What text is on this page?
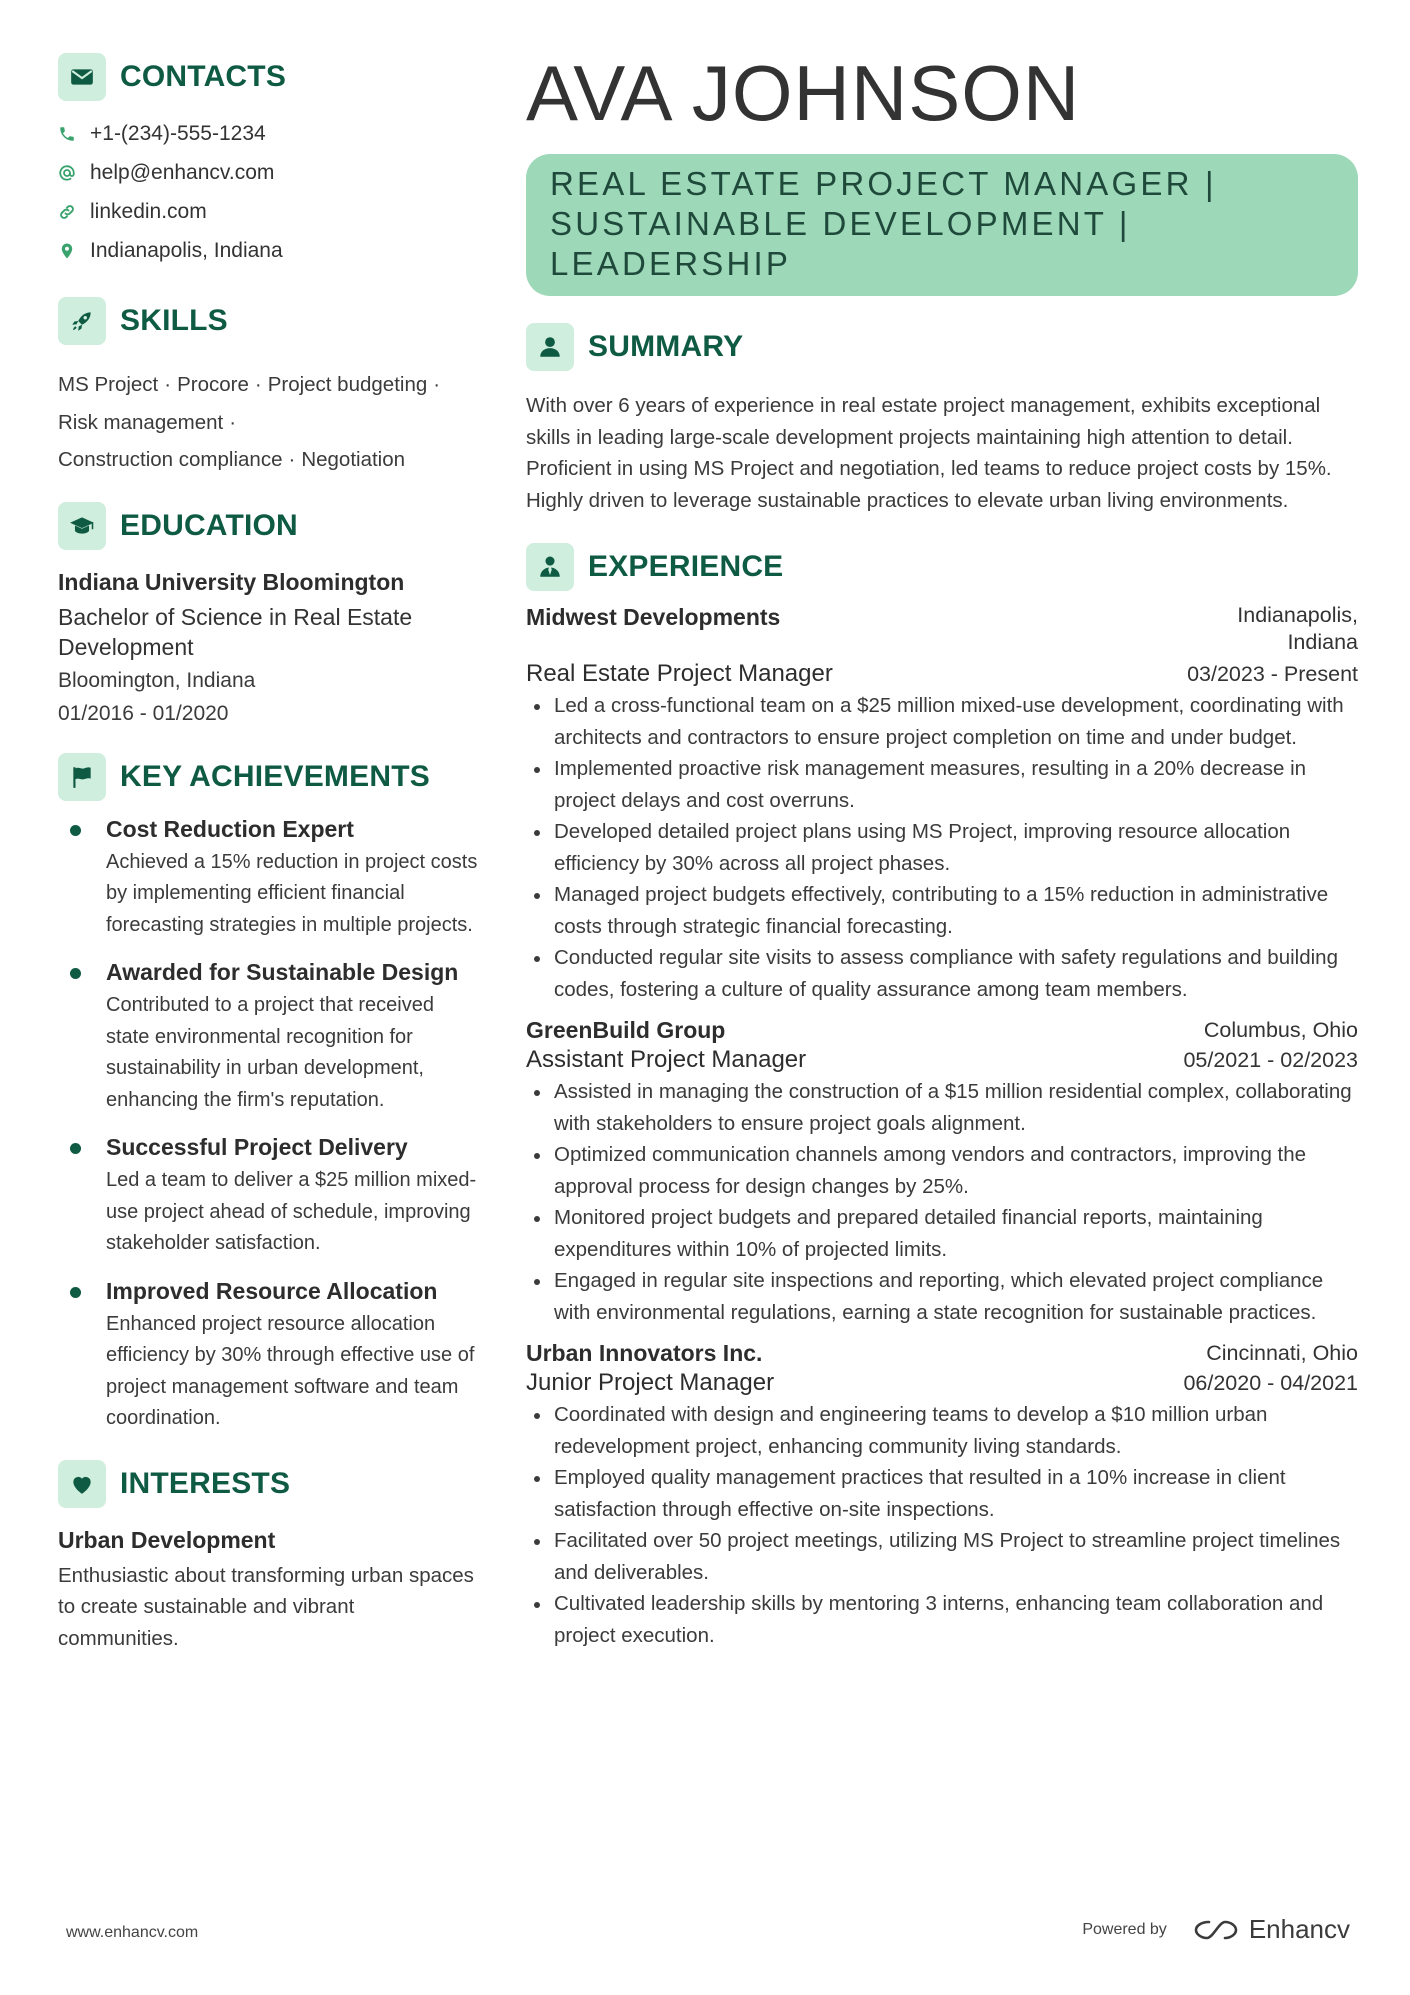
CONTACTS
+1-(234)-555-1234
help@enhancv.com
linkedin.com
Indianapolis, Indiana
SKILLS
MS Project · Procore · Project budgeting ·
Risk management ·
Construction compliance · Negotiation
EDUCATION
Indiana University Bloomington
Bachelor of Science in Real Estate Development
Bloomington, Indiana
01/2016 - 01/2020
KEY ACHIEVEMENTS
Cost Reduction Expert
Achieved a 15% reduction in project costs by implementing efficient financial forecasting strategies in multiple projects.
Awarded for Sustainable Design
Contributed to a project that received state environmental recognition for sustainability in urban development, enhancing the firm's reputation.
Successful Project Delivery
Led a team to deliver a $25 million mixed-use project ahead of schedule, improving stakeholder satisfaction.
Improved Resource Allocation
Enhanced project resource allocation efficiency by 30% through effective use of project management software and team coordination.
INTERESTS
Urban Development
Enthusiastic about transforming urban spaces to create sustainable and vibrant communities.
AVA JOHNSON
REAL ESTATE PROJECT MANAGER | SUSTAINABLE DEVELOPMENT | LEADERSHIP
SUMMARY
With over 6 years of experience in real estate project management, exhibits exceptional skills in leading large-scale development projects maintaining high attention to detail. Proficient in using MS Project and negotiation, led teams to reduce project costs by 15%. Highly driven to leverage sustainable practices to elevate urban living environments.
EXPERIENCE
Midwest Developments	Indianapolis,
Indiana
Real Estate Project Manager	03/2023 - Present
Led a cross-functional team on a $25 million mixed-use development, coordinating with architects and contractors to ensure project completion on time and under budget.
Implemented proactive risk management measures, resulting in a 20% decrease in project delays and cost overruns.
Developed detailed project plans using MS Project, improving resource allocation efficiency by 30% across all project phases.
Managed project budgets effectively, contributing to a 15% reduction in administrative costs through strategic financial forecasting.
Conducted regular site visits to assess compliance with safety regulations and building codes, fostering a culture of quality assurance among team members.
GreenBuild Group	Columbus, Ohio
Assistant Project Manager	05/2021 - 02/2023
Assisted in managing the construction of a $15 million residential complex, collaborating with stakeholders to ensure project goals alignment.
Optimized communication channels among vendors and contractors, improving the approval process for design changes by 25%.
Monitored project budgets and prepared detailed financial reports, maintaining expenditures within 10% of projected limits.
Engaged in regular site inspections and reporting, which elevated project compliance with environmental regulations, earning a state recognition for sustainable practices.
Urban Innovators Inc.	Cincinnati, Ohio
Junior Project Manager	06/2020 - 04/2021
Coordinated with design and engineering teams to develop a $10 million urban redevelopment project, enhancing community living standards.
Employed quality management practices that resulted in a 10% increase in client satisfaction through effective on-site inspections.
Facilitated over 50 project meetings, utilizing MS Project to streamline project timelines and deliverables.
Cultivated leadership skills by mentoring 3 interns, enhancing team collaboration and project execution.
www.enhancv.com	Powered by	Enhancv
